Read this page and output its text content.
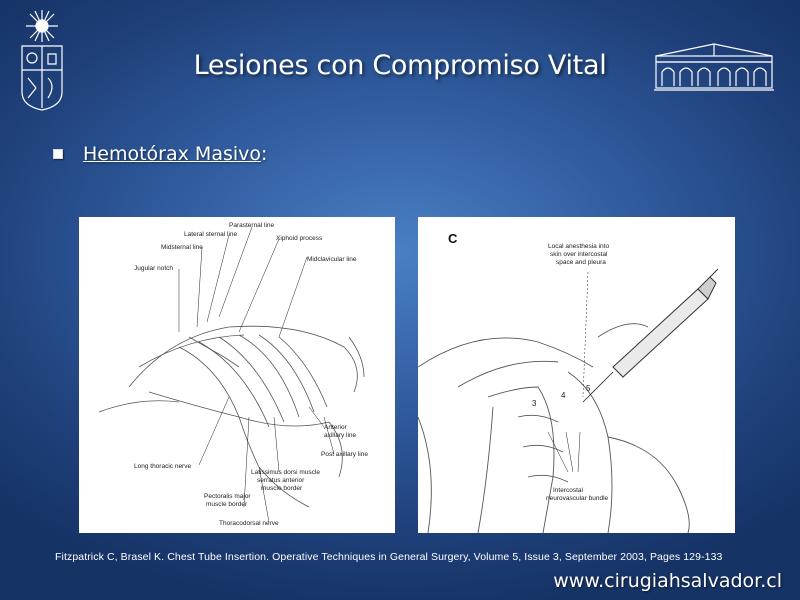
Lesiones con Compromiso Vital
Hemotórax Masivo:
Parasternal line
Lateral sternal line
Xiphoid process
Midsternal line
Midclavicular line
Jugular notch
Anterior
axillary line
Post axillary line
Long thoracic nerve
Latissimus dorsi muscle
serratus anterior
muscle border
Pectoralis major
muscle border
Thoracodorsal nerve
C
Local anesthesia into
skin over intercostal
space and pleura
3
4
5
Intercostal
neurovascular bundle
Fitzpatrick C, Brasel K. Chest Tube Insertion. Operative Techniques in General Surgery, Volume 5, Issue 3, September 2003, Pages 129-133
www.cirugiahsalvador.cl
